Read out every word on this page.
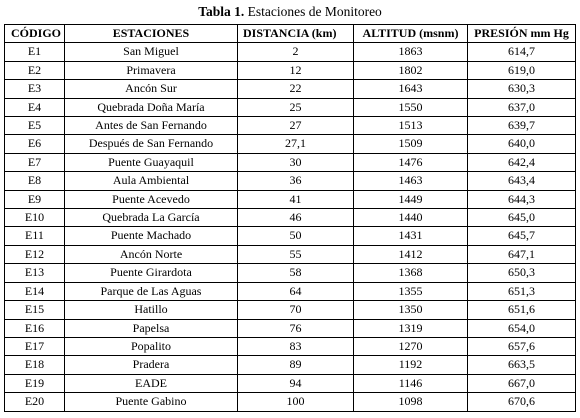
Tabla 1. Estaciones de Monitoreo
CÓDIGO	ESTACIONES	DISTANCIA (km)	ALTITUD (msnm)	PRESIÓN mm Hg
E1	San Miguel	2	1863	614,7
E2	Primavera	12	1802	619,0
E3	Ancón Sur	22	1643	630,3
E4	Quebrada Doña María	25	1550	637,0
E5	Antes de San Fernando	27	1513	639,7
E6	Después de San Fernando	27,1	1509	640,0
E7	Puente Guayaquil	30	1476	642,4
E8	Aula Ambiental	36	1463	643,4
E9	Puente Acevedo	41	1449	644,3
E10	Quebrada La García	46	1440	645,0
E11	Puente Machado	50	1431	645,7
E12	Ancón Norte	55	1412	647,1
E13	Puente Girardota	58	1368	650,3
E14	Parque de Las Aguas	64	1355	651,3
E15	Hatillo	70	1350	651,6
E16	Papelsa	76	1319	654,0
E17	Popalito	83	1270	657,6
E18	Pradera	89	1192	663,5
E19	EADE	94	1146	667,0
E20	Puente Gabino	100	1098	670,6
